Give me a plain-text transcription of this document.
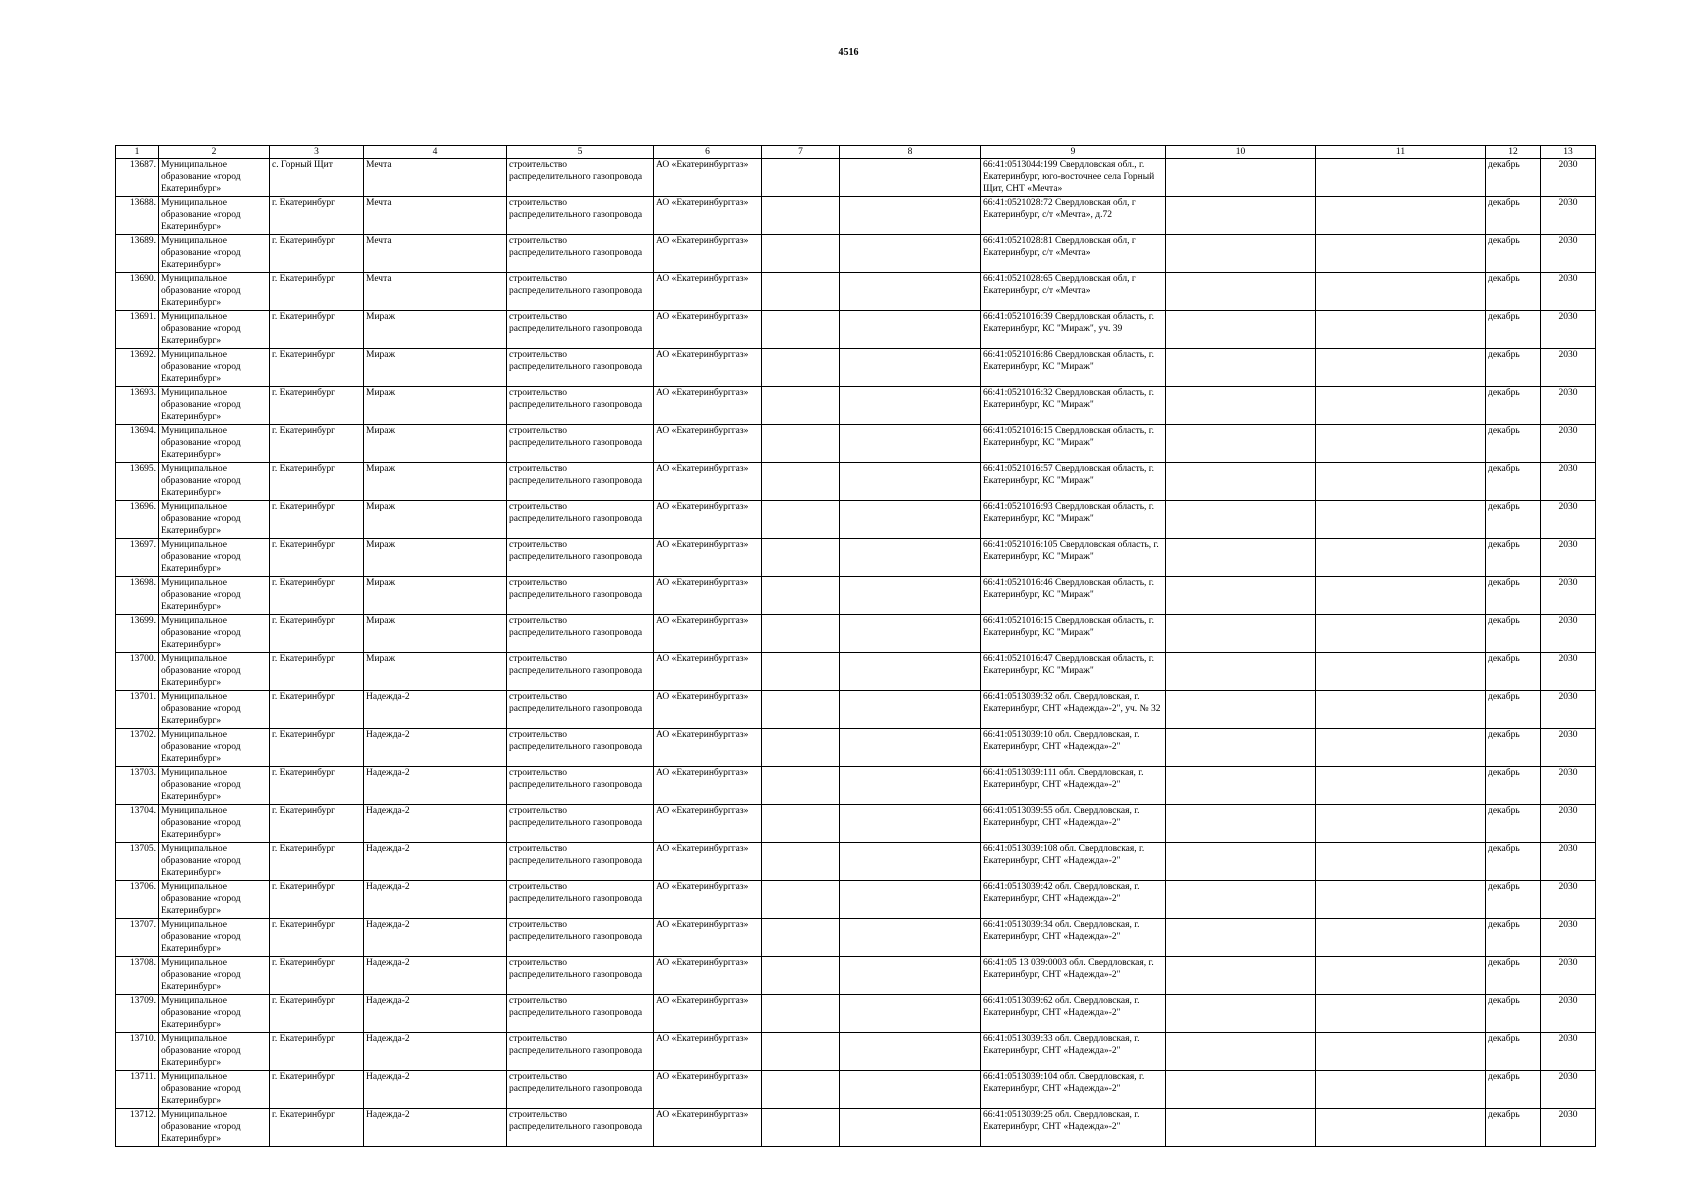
4516
1	2	3	4	5	6	7	8	9	10	11	12	13
13687.	Муниципальное образование «город Екатеринбург»	с. Горный Щит	Мечта	строительство распределительного газопровода	АО «Екатеринбурггаз»			66:41:0513044:199 Свердловская обл., г. Екатеринбург, юго-восточнее села Горный Щит, СНТ «Мечта»			декабрь	2030
13688.	Муниципальное образование «город Екатеринбург»	г. Екатеринбург	Мечта	строительство распределительного газопровода	АО «Екатеринбурггаз»			66:41:0521028:72 Свердловская обл, г Екатеринбург, с/т «Мечта», д.72			декабрь	2030
13689.	Муниципальное образование «город Екатеринбург»	г. Екатеринбург	Мечта	строительство распределительного газопровода	АО «Екатеринбурггаз»			66:41:0521028:81 Свердловская обл, г Екатеринбург, с/т «Мечта»			декабрь	2030
13690.	Муниципальное образование «город Екатеринбург»	г. Екатеринбург	Мечта	строительство распределительного газопровода	АО «Екатеринбурггаз»			66:41:0521028:65 Свердловская обл, г Екатеринбург, с/т «Мечта»			декабрь	2030
13691.	Муниципальное образование «город Екатеринбург»	г. Екатеринбург	Мираж	строительство распределительного газопровода	АО «Екатеринбурггаз»			66:41:0521016:39 Свердловская область, г. Екатеринбург, КС "Мираж", уч. 39			декабрь	2030
13692.	Муниципальное образование «город Екатеринбург»	г. Екатеринбург	Мираж	строительство распределительного газопровода	АО «Екатеринбурггаз»			66:41:0521016:86 Свердловская область, г. Екатеринбург, КС "Мираж"			декабрь	2030
13693.	Муниципальное образование «город Екатеринбург»	г. Екатеринбург	Мираж	строительство распределительного газопровода	АО «Екатеринбурггаз»			66:41:0521016:32 Свердловская область, г. Екатеринбург, КС "Мираж"			декабрь	2030
13694.	Муниципальное образование «город Екатеринбург»	г. Екатеринбург	Мираж	строительство распределительного газопровода	АО «Екатеринбурггаз»			66:41:0521016:15 Свердловская область, г. Екатеринбург, КС "Мираж"			декабрь	2030
13695.	Муниципальное образование «город Екатеринбург»	г. Екатеринбург	Мираж	строительство распределительного газопровода	АО «Екатеринбурггаз»			66:41:0521016:57 Свердловская область, г. Екатеринбург, КС "Мираж"			декабрь	2030
13696.	Муниципальное образование «город Екатеринбург»	г. Екатеринбург	Мираж	строительство распределительного газопровода	АО «Екатеринбурггаз»			66:41:0521016:93 Свердловская область, г. Екатеринбург, КС "Мираж"			декабрь	2030
13697.	Муниципальное образование «город Екатеринбург»	г. Екатеринбург	Мираж	строительство распределительного газопровода	АО «Екатеринбурггаз»			66:41:0521016:105 Свердловская область, г. Екатеринбург, КС "Мираж"			декабрь	2030
13698.	Муниципальное образование «город Екатеринбург»	г. Екатеринбург	Мираж	строительство распределительного газопровода	АО «Екатеринбурггаз»			66:41:0521016:46 Свердловская область, г. Екатеринбург, КС "Мираж"			декабрь	2030
13699.	Муниципальное образование «город Екатеринбург»	г. Екатеринбург	Мираж	строительство распределительного газопровода	АО «Екатеринбурггаз»			66:41:0521016:15 Свердловская область, г. Екатеринбург, КС "Мираж"			декабрь	2030
13700.	Муниципальное образование «город Екатеринбург»	г. Екатеринбург	Мираж	строительство распределительного газопровода	АО «Екатеринбурггаз»			66:41:0521016:47 Свердловская область, г. Екатеринбург, КС "Мираж"			декабрь	2030
13701.	Муниципальное образование «город Екатеринбург»	г. Екатеринбург	Надежда-2	строительство распределительного газопровода	АО «Екатеринбурггаз»			66:41:0513039:32 обл. Свердловская, г. Екатеринбург, СНТ «Надежда»-2", уч. № 32			декабрь	2030
13702.	Муниципальное образование «город Екатеринбург»	г. Екатеринбург	Надежда-2	строительство распределительного газопровода	АО «Екатеринбурггаз»			66:41:0513039:10 обл. Свердловская, г. Екатеринбург, СНТ «Надежда»-2"			декабрь	2030
13703.	Муниципальное образование «город Екатеринбург»	г. Екатеринбург	Надежда-2	строительство распределительного газопровода	АО «Екатеринбурггаз»			66:41:0513039:111 обл. Свердловская, г. Екатеринбург, СНТ «Надежда»-2"			декабрь	2030
13704.	Муниципальное образование «город Екатеринбург»	г. Екатеринбург	Надежда-2	строительство распределительного газопровода	АО «Екатеринбурггаз»			66:41:0513039:55 обл. Свердловская, г. Екатеринбург, СНТ «Надежда»-2"			декабрь	2030
13705.	Муниципальное образование «город Екатеринбург»	г. Екатеринбург	Надежда-2	строительство распределительного газопровода	АО «Екатеринбурггаз»			66:41:0513039:108 обл. Свердловская, г. Екатеринбург, СНТ «Надежда»-2"			декабрь	2030
13706.	Муниципальное образование «город Екатеринбург»	г. Екатеринбург	Надежда-2	строительство распределительного газопровода	АО «Екатеринбурггаз»			66:41:0513039:42 обл. Свердловская, г. Екатеринбург, СНТ «Надежда»-2"			декабрь	2030
13707.	Муниципальное образование «город Екатеринбург»	г. Екатеринбург	Надежда-2	строительство распределительного газопровода	АО «Екатеринбурггаз»			66:41:0513039:34 обл. Свердловская, г. Екатеринбург, СНТ «Надежда»-2"			декабрь	2030
13708.	Муниципальное образование «город Екатеринбург»	г. Екатеринбург	Надежда-2	строительство распределительного газопровода	АО «Екатеринбурггаз»			66:41:05 13 039:0003 обл. Свердловская, г. Екатеринбург, СНТ «Надежда»-2"			декабрь	2030
13709.	Муниципальное образование «город Екатеринбург»	г. Екатеринбург	Надежда-2	строительство распределительного газопровода	АО «Екатеринбурггаз»			66:41:0513039:62 обл. Свердловская, г. Екатеринбург, СНТ «Надежда»-2"			декабрь	2030
13710.	Муниципальное образование «город Екатеринбург»	г. Екатеринбург	Надежда-2	строительство распределительного газопровода	АО «Екатеринбурггаз»			66:41:0513039:33 обл. Свердловская, г. Екатеринбург, СНТ «Надежда»-2"			декабрь	2030
13711.	Муниципальное образование «город Екатеринбург»	г. Екатеринбург	Надежда-2	строительство распределительного газопровода	АО «Екатеринбурггаз»			66:41:0513039:104 обл. Свердловская, г. Екатеринбург, СНТ «Надежда»-2"			декабрь	2030
13712.	Муниципальное образование «город Екатеринбург»	г. Екатеринбург	Надежда-2	строительство распределительного газопровода	АО «Екатеринбурггаз»			66:41:0513039:25 обл. Свердловская, г. Екатеринбург, СНТ «Надежда»-2"			декабрь	2030
